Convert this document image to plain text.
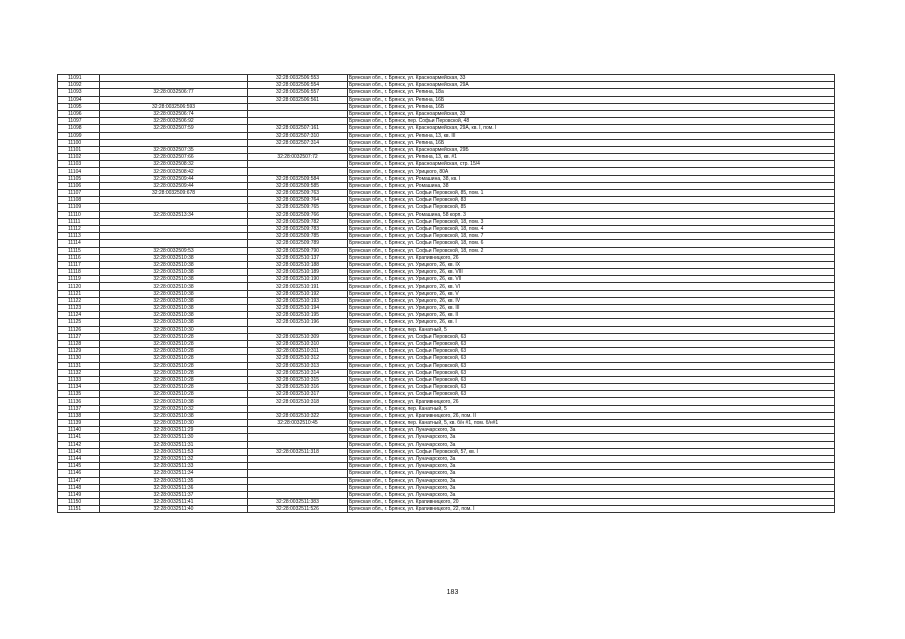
11091		32:28:0032506:553	Брянская обл., г. Брянск, ул. Красноармейская, 33
11092		32:28:0032506:554	Брянская обл., г. Брянск, ул. Красноармейская, 29А
11093	32:28:0032506:77	32:28:0032506:557	Брянская обл., г. Брянск, ул. Репина, 18а
11094		32:28:0032506:561	Брянская обл., г. Брянск, ул. Репина, 16Б
11095	32:28:0032506:593		Брянская обл., г. Брянск, ул. Репина, 16Б
11096	32:28:0032506:74		Брянская обл., г. Брянск, ул. Красноармейская, 33
11097	32:28:0032506:92		Брянская обл., г. Брянск, пер. Софьи Перовской, 48
11098	32:28:0032507:59	32:28:0032507:161	Брянская обл., г. Брянск, ул. Красноармейская, 29А, кв. I, пом. I
11099		32:28:0032507:310	Брянская обл., г. Брянск, ул. Репина, 13, кв. III
11100		32:28:0032507:314	Брянская обл., г. Брянск, ул. Репина, 16Б
11101	32:28:0032507:35		Брянская обл., г. Брянск, ул. Красноармейская, 29Б
11102	32:28:0032507:66	32:28:0032507:72	Брянская обл., г. Брянск, ул. Репина, 13, кв. #1
11103	32:28:0032508:32		Брянская обл., г. Брянск, ул. Красноармейская, стр. 15/4
11104	32:28:0032508:42		Брянская обл., г. Брянск, ул. Урицкого, 80А
11105	32:28:0032509:44	32:28:0032509:584	Брянская обл., г. Брянск, ул. Ромашина, 38, кв. I
11106	32:28:0032509:44	32:28:0032509:585	Брянская обл., г. Брянск, ул. Ромашина, 38
11107	32:28:0032509:678	32:28:0032509:763	Брянская обл., г. Брянск, ул. Софьи Перовской, 85, пом. 1
11108		32:28:0032509:764	Брянская обл., г. Брянск, ул. Софьи Перовской, 83
11109		32:28:0032509:765	Брянская обл., г. Брянск, ул. Софьи Перовской, 85
11110	32:28:0032513:34	32:28:0032509:766	Брянская обл., г. Брянск, ул. Ромашина, 58 корп. 3
11111		32:28:0032509:782	Брянская обл., г. Брянск, ул. Софьи Перовской, 18, пом. 3
11112		32:28:0032509:783	Брянская обл., г. Брянск, ул. Софьи Перовской, 18, пом. 4
11113		32:28:0032509:785	Брянская обл., г. Брянск, ул. Софьи Перовской, 18, пом. 7
11114		32:28:0032509:789	Брянская обл., г. Брянск, ул. Софьи Перовской, 18, пом. 6
11115	32:28:0032509:53	32:28:0032509:790	Брянская обл., г. Брянск, ул. Софьи Перовской, 18, пом. 2
11116	32:28:0032510:38	32:28:0032510:137	Брянская обл., г. Брянск, ул. Крапивницкого, 26
11117	32:28:0032510:38	32:28:0032510:188	Брянская обл., г. Брянск, ул. Урицкого, 26, кв. IX
11118	32:28:0032510:38	32:28:0032510:189	Брянская обл., г. Брянск, ул. Урицкого, 26, кв. VIII
11119	32:28:0032510:38	32:28:0032510:190	Брянская обл., г. Брянск, ул. Урицкого, 26, кв. VII
11120	32:28:0032510:38	32:28:0032510:191	Брянская обл., г. Брянск, ул. Урицкого, 26, кв. VI
11121	32:28:0032510:38	32:28:0032510:192	Брянская обл., г. Брянск, ул. Урицкого, 26, кв. V
11122	32:28:0032510:38	32:28:0032510:193	Брянская обл., г. Брянск, ул. Урицкого, 26, кв. IV
11123	32:28:0032510:38	32:28:0032510:194	Брянская обл., г. Брянск, ул. Урицкого, 26, кв. III
11124	32:28:0032510:38	32:28:0032510:195	Брянская обл., г. Брянск, ул. Урицкого, 26, кв. II
11125	32:28:0032510:38	32:28:0032510:196	Брянская обл., г. Брянск, ул. Урицкого, 26, кв. I
11126	32:28:0032510:30		Брянская обл., г. Брянск, пер. Канатный, 5
11127	32:28:0032510:28	32:28:0032510:309	Брянская обл., г. Брянск, ул. Софьи Перовской, 63
11128	32:28:0032510:28	32:28:0032510:310	Брянская обл., г. Брянск, ул. Софьи Перовской, 63
11129	32:28:0032510:28	32:28:0032510:311	Брянская обл., г. Брянск, ул. Софьи Перовской, 63
11130	32:28:0032510:28	32:28:0032510:312	Брянская обл., г. Брянск, ул. Софьи Перовской, 63
11131	32:28:0032510:28	32:28:0032510:313	Брянская обл., г. Брянск, ул. Софьи Перовской, 63
11132	32:28:0032510:28	32:28:0032510:314	Брянская обл., г. Брянск, ул. Софьи Перовской, 63
11133	32:28:0032510:28	32:28:0032510:315	Брянская обл., г. Брянск, ул. Софьи Перовской, 63
11134	32:28:0032510:28	32:28:0032510:316	Брянская обл., г. Брянск, ул. Софьи Перовской, 63
11135	32:28:0032510:28	32:28:0032510:317	Брянская обл., г. Брянск, ул. Софьи Перовской, 63
11136	32:28:0032510:38	32:28:0032510:318	Брянская обл., г. Брянск, ул. Крапивницкого, 26
11137	32:28:0032510:32		Брянская обл., г. Брянск, пер. Канатный, 5
11138	32:28:0032510:38	32:28:0032510:322	Брянская обл., г. Брянск, ул. Крапивницкого, 26, пом. II
11139	32:28:0032510:30	32:28:0032510:45	Брянская обл., г. Брянск, пер. Канатный, 5, кв. б/н #1, пом. б/н#1
11140	32:28:0032511:29		Брянская обл., г. Брянск, ул. Луначарского, 3а
11141	32:28:0032511:30		Брянская обл., г. Брянск, ул. Луначарского, 3а
11142	32:28:0032511:31		Брянская обл., г. Брянск, ул. Луначарского, 3а
11143	32:28:0032511:53	32:28:0032511:318	Брянская обл., г. Брянск, ул. Софьи Перовской, 57, кв. I
11144	32:28:0032511:32		Брянская обл., г. Брянск, ул. Луначарского, 3а
11145	32:28:0032511:33		Брянская обл., г. Брянск, ул. Луначарского, 3а
11146	32:28:0032511:34		Брянская обл., г. Брянск, ул. Луначарского, 3а
11147	32:28:0032511:35		Брянская обл., г. Брянск, ул. Луначарского, 3а
11148	32:28:0032511:36		Брянская обл., г. Брянск, ул. Луначарского, 3а
11149	32:28:0032511:37		Брянская обл., г. Брянск, ул. Луначарского, 3а
11150	32:28:0032511:41	32:28:0032511:383	Брянская обл., г. Брянск, ул. Крапивницкого, 20
11151	32:28:0032511:40	32:28:0032511:526	Брянская обл., г. Брянск, ул. Крапивницкого, 22, пом. I
183
